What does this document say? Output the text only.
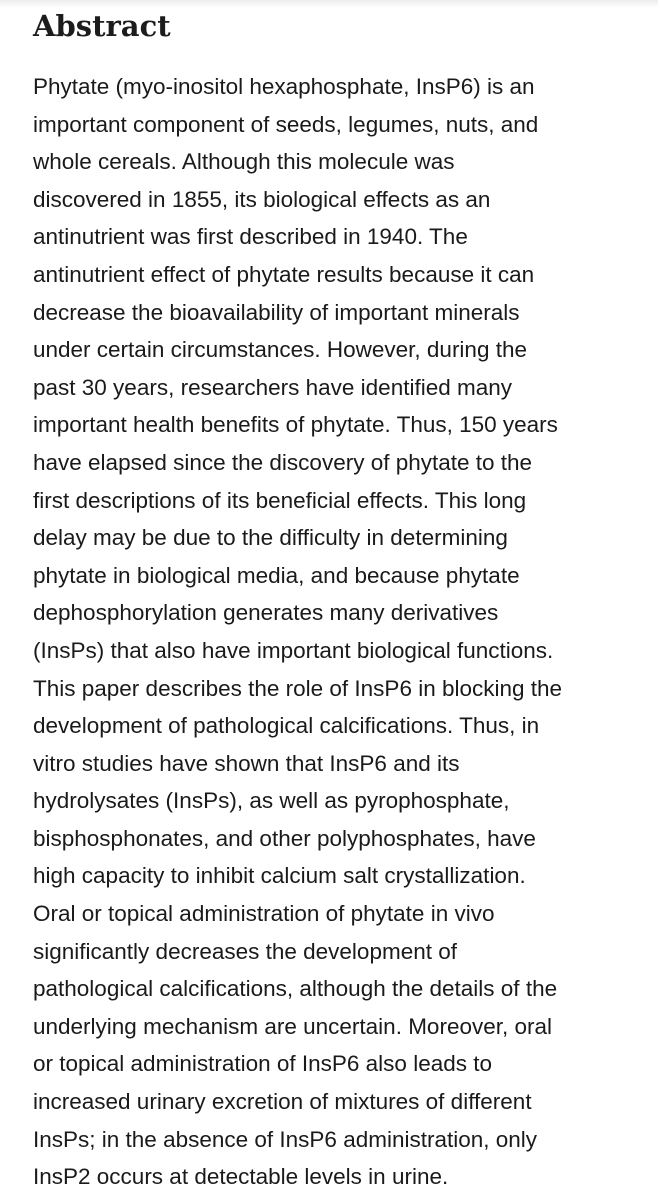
Abstract

Phytate (myo-inositol hexaphosphate, InsP6) is an
important component of seeds, legumes, nuts, and
whole cereals. Although this molecule was
discovered in 1855, its biological effects as an
antinutrient was first described in 1940. The
antinutrient effect of phytate results because it can
decrease the bioavailability of important minerals
under certain circumstances. However, during the
past 30 years, researchers have identified many
important health benefits of phytate. Thus, 150 years
have elapsed since the discovery of phytate to the
first descriptions of its beneficial effects. This long
delay may be due to the difficulty in determining
phytate in biological media, and because phytate
dephosphorylation generates many derivatives
(InsPs) that also have important biological functions.
This paper describes the role of InsP6 in blocking the
development of pathological calcifications. Thus, in
vitro studies have shown that InsP6 and its
hydrolysates (InsPs), as well as pyrophosphate,
bisphosphonates, and other polyphosphates, have
high capacity to inhibit calcium salt crystallization.
Oral or topical administration of phytate in vivo
significantly decreases the development of
pathological calcifications, although the details of the
underlying mechanism are uncertain. Moreover, oral
or topical administration of InsP6 also leads to
increased urinary excretion of mixtures of different
InsPs; in the absence of InsP6 administration, only
InsP2 occurs at detectable levels in urine.
